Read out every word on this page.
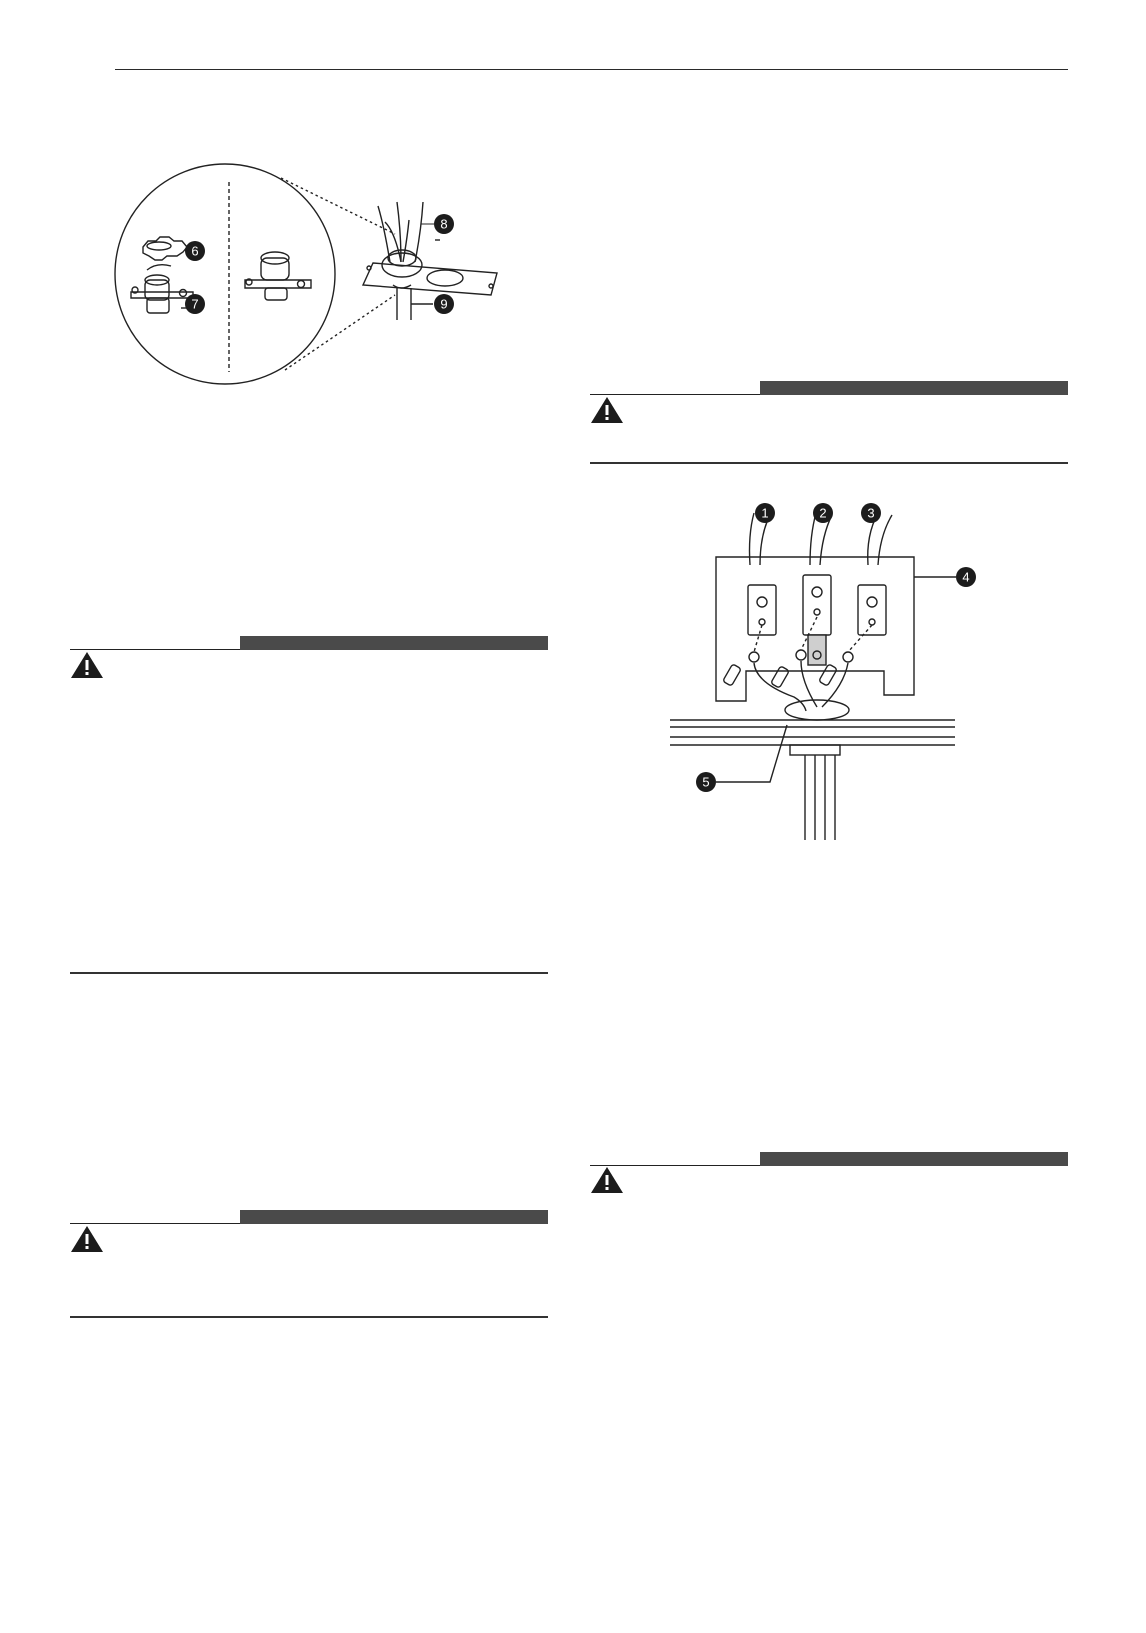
6
7
8
9
1	2	3
4
5
